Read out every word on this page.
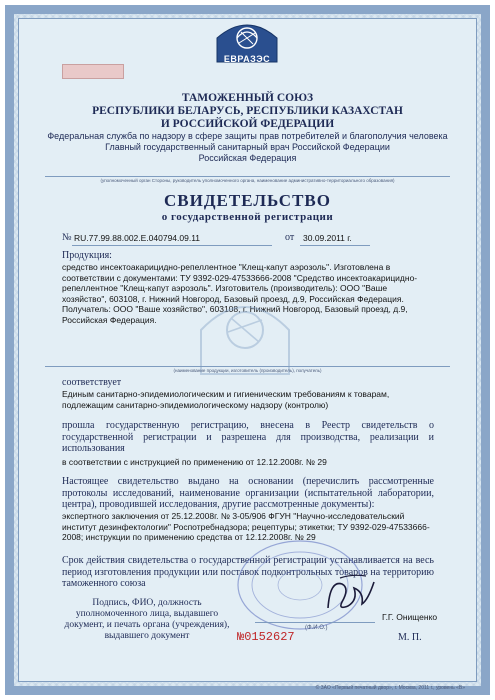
ЕВРАЗЭС
ТАМОЖЕННЫЙ СОЮЗ
РЕСПУБЛИКИ БЕЛАРУСЬ, РЕСПУБЛИКИ КАЗАХСТАН
И РОССИЙСКОЙ ФЕДЕРАЦИИ
Федеральная служба по надзору в сфере защиты прав потребителей и благополучия человека
Главный государственный санитарный врач Российской Федерации
Российская Федерация
(уполномоченный орган Стороны, руководитель уполномоченного органа, наименование административно-территориального образования)
СВИДЕТЕЛЬСТВО
о государственной регистрации
№ RU.77.99.88.002.E.040794.09.11	от 30.09.2011 г.
Продукция:
средство инсектоакарицидно-репеллентное "Клещ-капут аэрозоль". Изготовлена в соответствии с документами: ТУ 9392-029-47533666-2008 "Средство инсектоакарицидно-репеллентное "Клещ-капут аэрозоль". Изготовитель (производитель): ООО "Ваше хозяйство", 603108, г. Нижний Новгород, Базовый проезд, д.9, Российская Федерация. Получатель: ООО "Ваше хозяйство", 603108, г. Нижний Новгород, Базовый проезд, д.9, Российская Федерация.
(наименование продукции, изготовитель (производитель), получатель)
соответствует
Единым санитарно-эпидемиологическим и гигиеническим требованиям к товарам, подлежащим санитарно-эпидемиологическому надзору (контролю)
прошла государственную регистрацию, внесена в Реестр свидетельств о государственной регистрации и разрешена для производства, реализации и использования
в соответствии с инструкцией по применению от 12.12.2008г. № 29
Настоящее свидетельство выдано на основании (перечислить рассмотренные протоколы исследований, наименование организации (испытательной лаборатории, центра), проводившей исследования, другие рассмотренные документы):
экспертного заключения от 25.12.2008г. № 3-05/906 ФГУН "Научно-исследовательский институт дезинфектологии" Роспотребнадзора; рецептуры; этикетки; ТУ 9392-029-47533666-2008; инструкции по применению средства от 12.12.2008г. № 29
Срок действия свидетельства о государственной регистрации устанавливается на весь период изготовления продукции или поставок подконтрольных товаров на территорию таможенного союза
Подпись, ФИО, должность уполномоченного лица, выдавшего документ, и печать органа (учреждения), выдавшего документ
Г.Г. Онищенко
(Ф.И.О.)
№0152627	М. П.
© ЗАО «Первый печатный двор», г. Москва, 2011 г., уровень «В»
